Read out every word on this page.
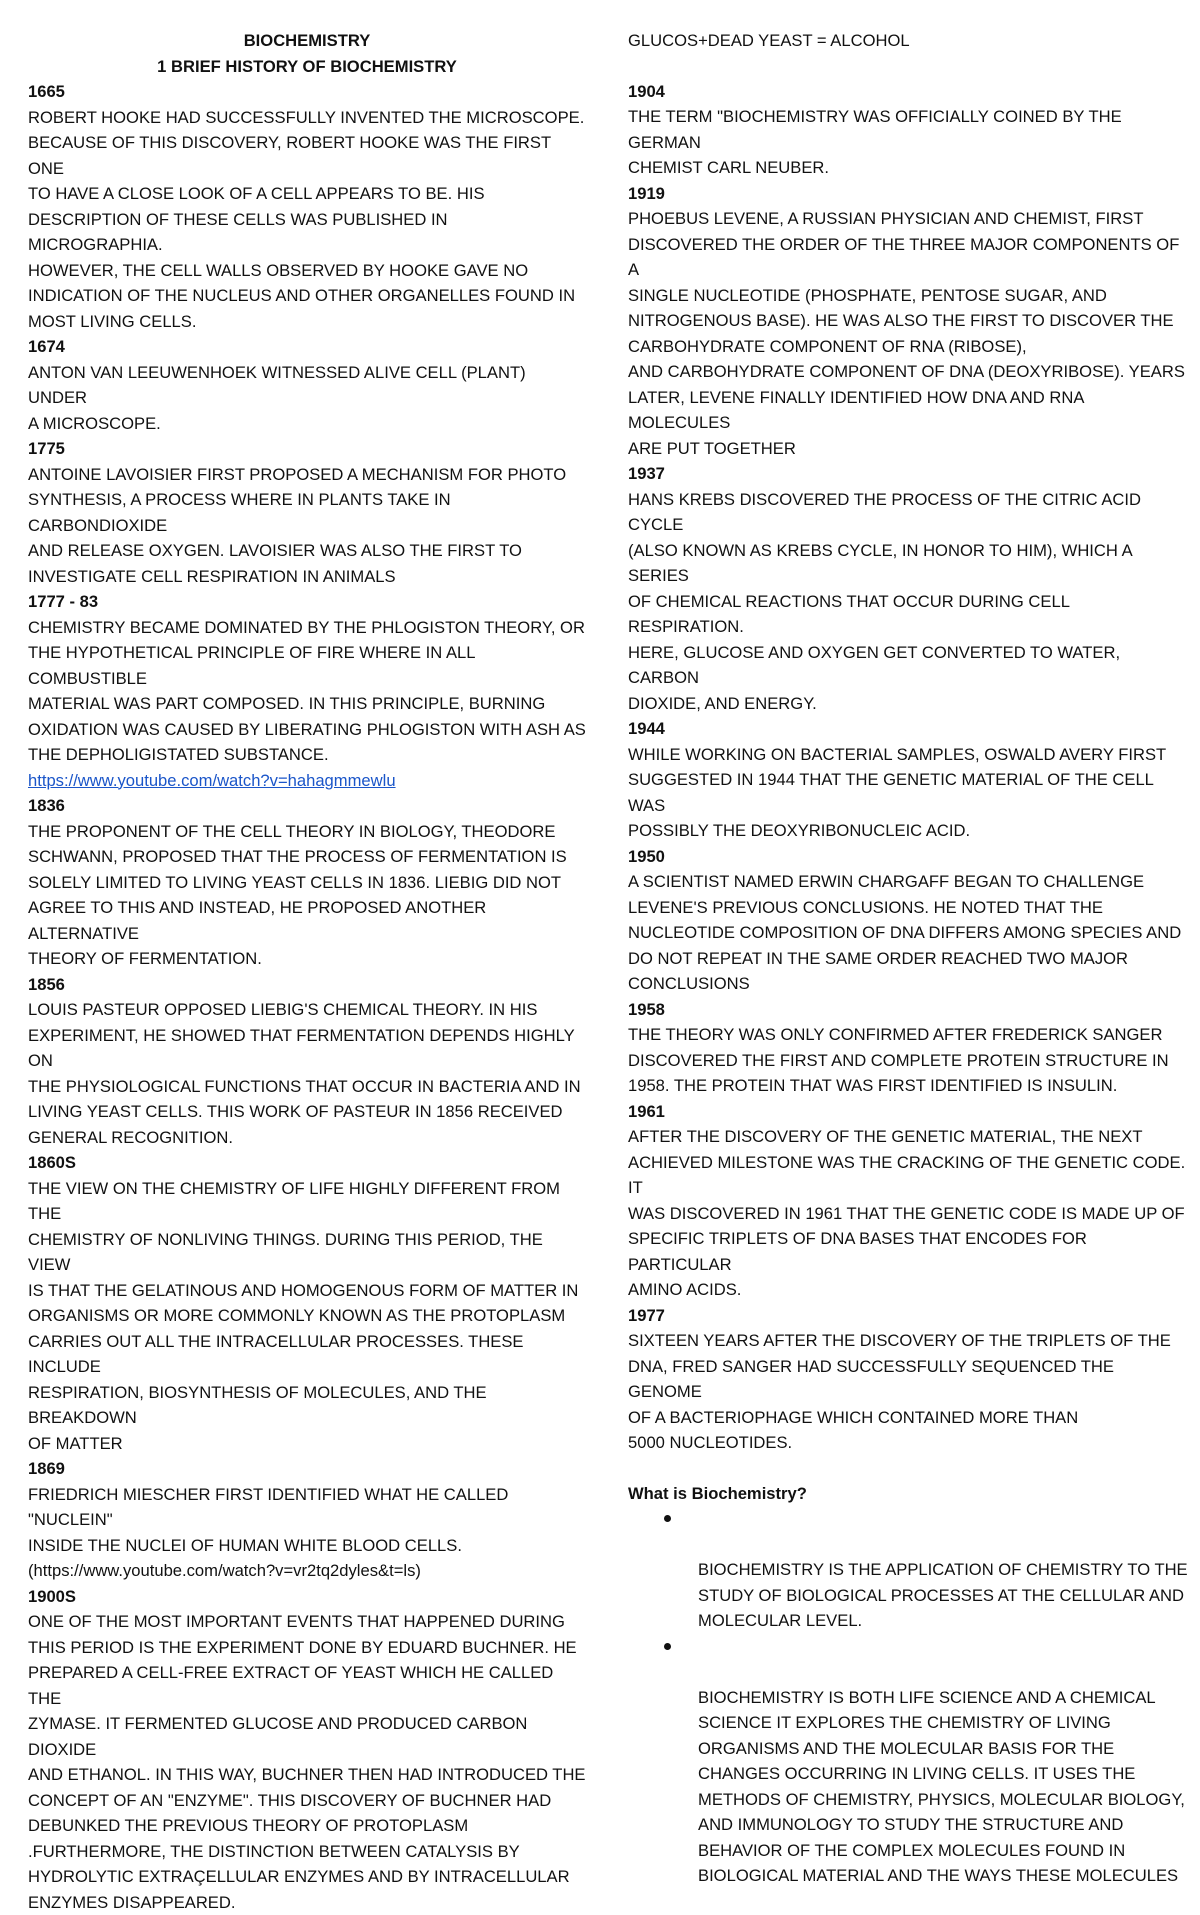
BIOCHEMISTRY

1 BRIEF HISTORY OF BIOCHEMISTRY

1665

ROBERT HOOKE HAD SUCCESSFULLY INVENTED THE MICROSCOPE.
BECAUSE OF THIS DISCOVERY, ROBERT HOOKE WAS THE FIRST ONE
TO HAVE A CLOSE LOOK OF A CELL APPEARS TO BE. HIS
DESCRIPTION OF THESE CELLS WAS PUBLISHED IN MICROGRAPHIA.
HOWEVER, THE CELL WALLS OBSERVED BY HOOKE GAVE NO
INDICATION OF THE NUCLEUS AND OTHER ORGANELLES FOUND IN
MOST LIVING CELLS.

1674

ANTON VAN LEEUWENHOEK WITNESSED ALIVE CELL (PLANT) UNDER
A MICROSCOPE.

1775

ANTOINE LAVOISIER FIRST PROPOSED A MECHANISM FOR PHOTO
SYNTHESIS, A PROCESS WHERE IN PLANTS TAKE IN CARBONDIOXIDE
AND RELEASE OXYGEN. LAVOISIER WAS ALSO THE FIRST TO
INVESTIGATE CELL RESPIRATION IN ANIMALS

1777 - 83

CHEMISTRY BECAME DOMINATED BY THE PHLOGISTON THEORY, OR
THE HYPOTHETICAL PRINCIPLE OF FIRE WHERE IN ALL COMBUSTIBLE
MATERIAL WAS PART COMPOSED. IN THIS PRINCIPLE, BURNING
OXIDATION WAS CAUSED BY LIBERATING PHLOGISTON WITH ASH AS
THE DEPHOLIGISTATED SUBSTANCE.

https://www.youtube.com/watch?v=hahagmmewlu

1836

THE PROPONENT OF THE CELL THEORY IN BIOLOGY, THEODORE
SCHWANN, PROPOSED THAT THE PROCESS OF FERMENTATION IS
SOLELY LIMITED TO LIVING YEAST CELLS IN 1836. LIEBIG DID NOT
AGREE TO THIS AND INSTEAD, HE PROPOSED ANOTHER ALTERNATIVE
THEORY OF FERMENTATION.

1856

LOUIS PASTEUR OPPOSED LIEBIG'S CHEMICAL THEORY. IN HIS
EXPERIMENT, HE SHOWED THAT FERMENTATION DEPENDS HIGHLY ON
THE PHYSIOLOGICAL FUNCTIONS THAT OCCUR IN BACTERIA AND IN
LIVING YEAST CELLS. THIS WORK OF PASTEUR IN 1856 RECEIVED
GENERAL RECOGNITION.

1860S

THE VIEW ON THE CHEMISTRY OF LIFE HIGHLY DIFFERENT FROM THE
CHEMISTRY OF NONLIVING THINGS. DURING THIS PERIOD, THE VIEW
IS THAT THE GELATINOUS AND HOMOGENOUS FORM OF MATTER IN
ORGANISMS OR MORE COMMONLY KNOWN AS THE PROTOPLASM
CARRIES OUT ALL THE INTRACELLULAR PROCESSES. THESE INCLUDE
RESPIRATION, BIOSYNTHESIS OF MOLECULES, AND THE BREAKDOWN
OF MATTER

1869

FRIEDRICH MIESCHER FIRST IDENTIFIED WHAT HE CALLED "NUCLEIN"
INSIDE THE NUCLEI OF HUMAN WHITE BLOOD CELLS.

(https://www.youtube.com/watch?v=vr2tq2dyles&t=ls)

1900S

ONE OF THE MOST IMPORTANT EVENTS THAT HAPPENED DURING
THIS PERIOD IS THE EXPERIMENT DONE BY EDUARD BUCHNER. HE
PREPARED A CELL-FREE EXTRACT OF YEAST WHICH HE CALLED THE
ZYMASE. IT FERMENTED GLUCOSE AND PRODUCED CARBON DIOXIDE
AND ETHANOL. IN THIS WAY, BUCHNER THEN HAD INTRODUCED THE
CONCEPT OF AN "ENZYME". THIS DISCOVERY OF BUCHNER HAD
DEBUNKED THE PREVIOUS THEORY OF PROTOPLASM
.FURTHERMORE, THE DISTINCTION BETWEEN CATALYSIS BY
HYDROLYTIC EXTRAÇELLULAR ENZYMES AND BY INTRACELLULAR
ENZYMES DISAPPEARED.

GLUCOS+DEAD YEAST = ALCOHOL

1904

THE TERM "BIOCHEMISTRY WAS OFFICIALLY COINED BY THE GERMAN
CHEMIST CARL NEUBER.

1919

PHOEBUS LEVENE, A RUSSIAN PHYSICIAN AND CHEMIST, FIRST
DISCOVERED THE ORDER OF THE THREE MAJOR COMPONENTS OF A
SINGLE NUCLEOTIDE (PHOSPHATE, PENTOSE SUGAR, AND
NITROGENOUS BASE). HE WAS ALSO THE FIRST TO DISCOVER THE
CARBOHYDRATE COMPONENT OF RNA (RIBOSE),
AND CARBOHYDRATE COMPONENT OF DNA (DEOXYRIBOSE). YEARS
LATER, LEVENE FINALLY IDENTIFIED HOW DNA AND RNA MOLECULES
ARE PUT TOGETHER

1937

HANS KREBS DISCOVERED THE PROCESS OF THE CITRIC ACID CYCLE
(ALSO KNOWN AS KREBS CYCLE, IN HONOR TO HIM), WHICH A SERIES
OF CHEMICAL REACTIONS THAT OCCUR DURING CELL RESPIRATION.
HERE, GLUCOSE AND OXYGEN GET CONVERTED TO WATER, CARBON
DIOXIDE, AND ENERGY.

1944

WHILE WORKING ON BACTERIAL SAMPLES, OSWALD AVERY FIRST
SUGGESTED IN 1944 THAT THE GENETIC MATERIAL OF THE CELL WAS
POSSIBLY THE DEOXYRIBONUCLEIC ACID.

1950

A SCIENTIST NAMED ERWIN CHARGAFF BEGAN TO CHALLENGE
LEVENE'S PREVIOUS CONCLUSIONS. HE NOTED THAT THE
NUCLEOTIDE COMPOSITION OF DNA DIFFERS AMONG SPECIES AND
DO NOT REPEAT IN THE SAME ORDER REACHED TWO MAJOR
CONCLUSIONS

1958

THE THEORY WAS ONLY CONFIRMED AFTER FREDERICK SANGER
DISCOVERED THE FIRST AND COMPLETE PROTEIN STRUCTURE IN
1958. THE PROTEIN THAT WAS FIRST IDENTIFIED IS INSULIN.

1961

AFTER THE DISCOVERY OF THE GENETIC MATERIAL, THE NEXT
ACHIEVED MILESTONE WAS THE CRACKING OF THE GENETIC CODE. IT
WAS DISCOVERED IN 1961 THAT THE GENETIC CODE IS MADE UP OF
SPECIFIC TRIPLETS OF DNA BASES THAT ENCODES FOR PARTICULAR
AMINO ACIDS.

1977

SIXTEEN YEARS AFTER THE DISCOVERY OF THE TRIPLETS OF THE
DNA, FRED SANGER HAD SUCCESSFULLY SEQUENCED THE GENOME
OF A BACTERIOPHAGE WHICH CONTAINED MORE THAN
5000 NUCLEOTIDES.

What is Biochemistry?

BIOCHEMISTRY IS THE APPLICATION OF CHEMISTRY TO THE
STUDY OF BIOLOGICAL PROCESSES AT THE CELLULAR AND
MOLECULAR LEVEL.

BIOCHEMISTRY IS BOTH LIFE SCIENCE AND A CHEMICAL
SCIENCE IT EXPLORES THE CHEMISTRY OF LIVING
ORGANISMS AND THE MOLECULAR BASIS FOR THE
CHANGES OCCURRING IN LIVING CELLS. IT USES THE
METHODS OF CHEMISTRY, PHYSICS, MOLECULAR BIOLOGY,
AND IMMUNOLOGY TO STUDY THE STRUCTURE AND
BEHAVIOR OF THE COMPLEX MOLECULES FOUND IN
BIOLOGICAL MATERIAL AND THE WAYS THESE MOLECULES
